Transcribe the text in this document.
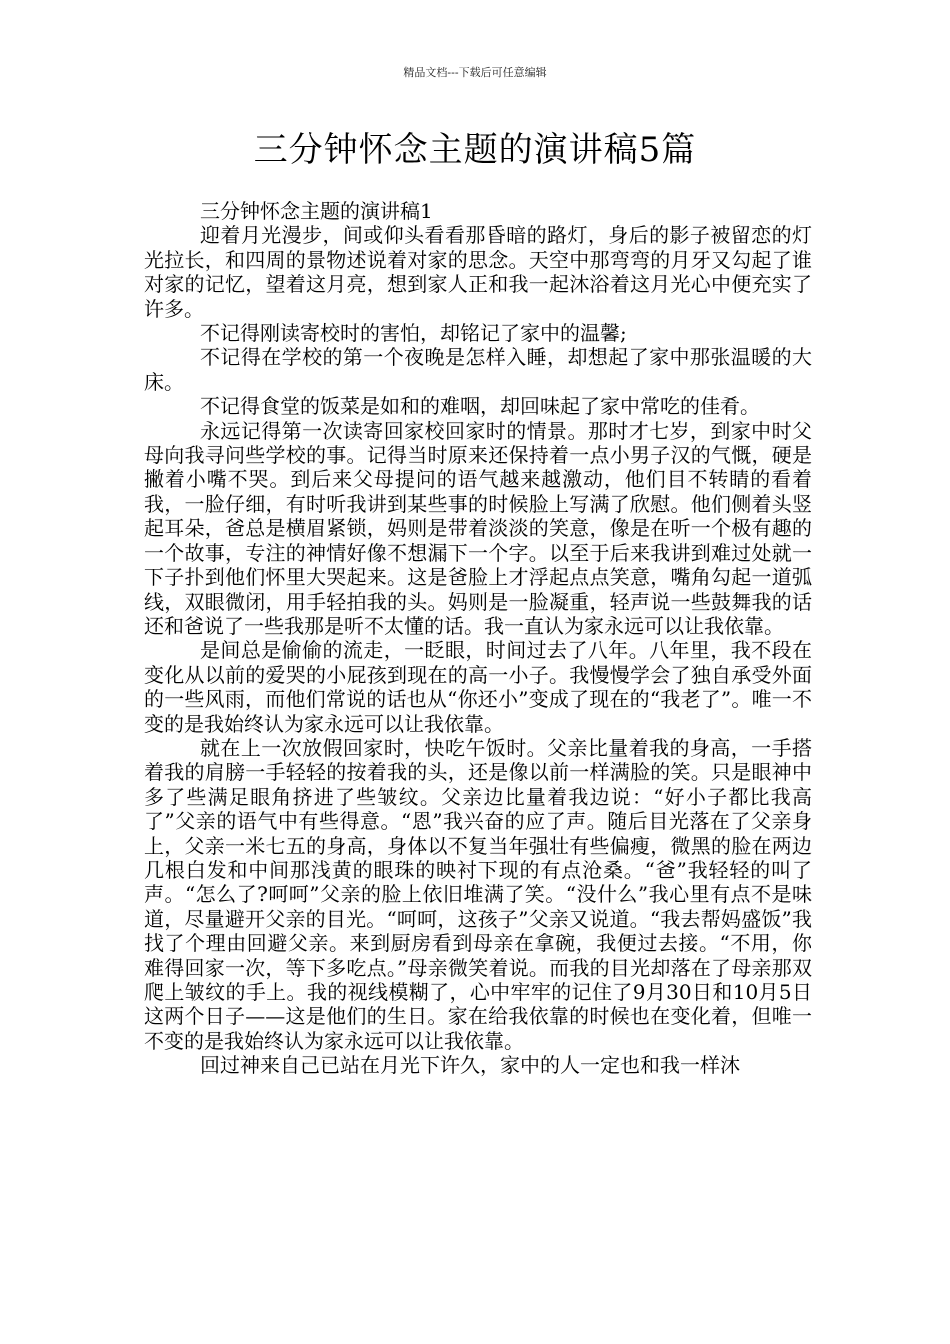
精品文档---下载后可任意编辑
三分钟怀念主题的演讲稿5篇

三分钟怀念主题的演讲稿1

迎着月光漫步，间或仰头看看那昏暗的路灯，身后的影子被留恋的灯光拉长，和四周的景物述说着对家的思念。天空中那弯弯的月牙又勾起了谁对家的记忆，望着这月亮，想到家人正和我一起沐浴着这月光心中便充实了许多。

不记得刚读寄校时的害怕，却铭记了家中的温馨;

不记得在学校的第一个夜晚是怎样入睡，却想起了家中那张温暖的大床。

不记得食堂的饭菜是如和的难咽，却回味起了家中常吃的佳肴。

永远记得第一次读寄回家校回家时的情景。那时才七岁，到家中时父母向我寻问些学校的事。记得当时原来还保持着一点小男子汉的气慨，硬是撇着小嘴不哭。到后来父母提问的语气越来越激动，他们目不转睛的看着我，一脸仔细，有时听我讲到某些事的时候脸上写满了欣慰。他们侧着头竖起耳朵，爸总是横眉紧锁，妈则是带着淡淡的笑意，像是在听一个极有趣的一个故事，专注的神情好像不想漏下一个字。以至于后来我讲到难过处就一下子扑到他们怀里大哭起来。这是爸脸上才浮起点点笑意，嘴角勾起一道弧线，双眼微闭，用手轻拍我的头。妈则是一脸凝重，轻声说一些鼓舞我的话还和爸说了一些我那是听不太懂的话。我一直认为家永远可以让我依靠。

是间总是偷偷的流走，一眨眼，时间过去了八年。八年里，我不段在变化从以前的爱哭的小屁孩到现在的高一小子。我慢慢学会了独自承受外面的一些风雨，而他们常说的话也从“你还小”变成了现在的“我老了”。唯一不变的是我始终认为家永远可以让我依靠。

就在上一次放假回家时，快吃午饭时。父亲比量着我的身高，一手搭着我的肩膀一手轻轻的按着我的头，还是像以前一样满脸的笑。只是眼神中多了些满足眼角挤进了些皱纹。父亲边比量着我边说：“好小子都比我高了”父亲的语气中有些得意。“恩”我兴奋的应了声。随后目光落在了父亲身上，父亲一米七五的身高，身体以不复当年强壮有些偏瘦，微黑的脸在两边几根白发和中间那浅黄的眼珠的映衬下现的有点沧桑。“爸”我轻轻的叫了声。“怎么了?呵呵”父亲的脸上依旧堆满了笑。“没什么”我心里有点不是味道，尽量避开父亲的目光。“呵呵，这孩子”父亲又说道。“我去帮妈盛饭”我找了个理由回避父亲。来到厨房看到母亲在拿碗，我便过去接。“不用，你难得回家一次，等下多吃点。”母亲微笑着说。而我的目光却落在了母亲那双爬上皱纹的手上。我的视线模糊了，心中牢牢的记住了9月30日和10月5日这两个日子——这是他们的生日。家在给我依靠的时候也在变化着，但唯一不变的是我始终认为家永远可以让我依靠。

回过神来自己已站在月光下许久，家中的人一定也和我一样沐
